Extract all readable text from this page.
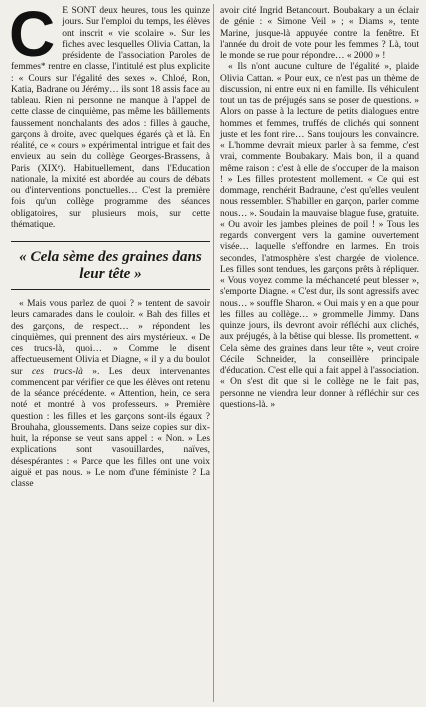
C E SONT deux heures, tous les quinze jours. Sur l'emploi du temps, les élèves ont inscrit « vie scolaire ». Sur les fiches avec lesquelles Olivia Cattan, la présidente de l'association Paroles de femmes* rentre en classe, l'intitulé est plus explicite : « Cours sur l'égalité des sexes ». Chloé, Ron, Katia, Badrane ou Jérémy… ils sont 18 assis face au tableau. Rien ni personne ne manque à l'appel de cette classe de cinquième, pas même les bâillements faussement nonchalants des ados : filles à gauche, garçons à droite, avec quelques égarés çà et là. En réalité, ce « cours » expérimental intrigue et fait des envieux au sein du collège Georges-Brassens, à Paris (XIXᵉ). Habituellement, dans l'Education nationale, la mixité est abordée au cours de débats ou d'interventions ponctuelles… C'est la première fois qu'un collège programme des séances obligatoires, sur plusieurs mois, sur cette thématique.

« Cela sème des graines dans leur tête »

« Mais vous parlez de quoi ? » tentent de savoir leurs camarades dans le couloir. « Bah des filles et des garçons, de respect… » répondent les cinquièmes, qui prennent des airs mystérieux. « De ces trucs-là, quoi… » Comme le disent affectueusement Olivia et Diagne, « il y a du boulot sur ces trucs-là ». Les deux intervenantes commencent par vérifier ce que les élèves ont retenu de la séance précédente. « Attention, hein, ce sera noté et montré à vos professeurs. » Première question : les filles et les garçons sont-ils égaux ? Brouhaha, gloussements. Dans seize copies sur dix-huit, la réponse se veut sans appel : « Non. » Les explications sont vasouillardes, naïves, désespérantes : « Parce que les filles ont une voix aiguë et pas nous. » Le nom d'une féministe ? La classe

avoir cité Ingrid Betancourt. Boubakary a un éclair de génie : « Simone Veil » ; « Diams », tente Marine, jusque-là appuyée contre la fenêtre. Et l'année du droit de vote pour les femmes ? Là, tout le monde se rue pour répondre… « 2000 » !

« Ils n'ont aucune culture de l'égalité », plaide Olivia Cattan. « Pour eux, ce n'est pas un thème de discussion, ni entre eux ni en famille. Ils véhiculent tout un tas de préjugés sans se poser de questions. » Alors on passe à la lecture de petits dialogues entre hommes et femmes, truffés de clichés qui sonnent juste et les font rire… Sans toujours les convaincre. « L'homme devrait mieux parler à sa femme, c'est vrai, commente Boubakary. Mais bon, il a quand même raison : c'est à elle de s'occuper de la maison ! » Les filles protestent mollement. « Ce qui est dommage, renchérit Badraune, c'est qu'elles veulent nous ressembler. S'habiller en garçon, parler comme nous… ». Soudain la mauvaise blague fuse, gratuite. « Ou avoir les jambes pleines de poil ! » Tous les regards convergent vers la gamine ouvertement visée… laquelle s'effondre en larmes. En trois secondes, l'atmosphère s'est chargée de violence. Les filles sont tendues, les garçons prêts à répliquer. « Vous voyez comme la méchanceté peut blesser », s'emporte Diagne. « C'est dur, ils sont agressifs avec nous… » souffle Sharon. « Oui mais y en a que pour les filles au collège… » grommelle Jimmy. Dans quinze jours, ils devront avoir réfléchi aux clichés, aux préjugés, à la bêtise qui blesse. Ils promettent. « Cela sème des graines dans leur tête », veut croire Cécile Schneider, la conseillère principale d'éducation. C'est elle qui a fait appel à l'association. « On s'est dit que si le collège ne le fait pas, personne ne viendra leur donner à réfléchir sur ces questions-là. »
